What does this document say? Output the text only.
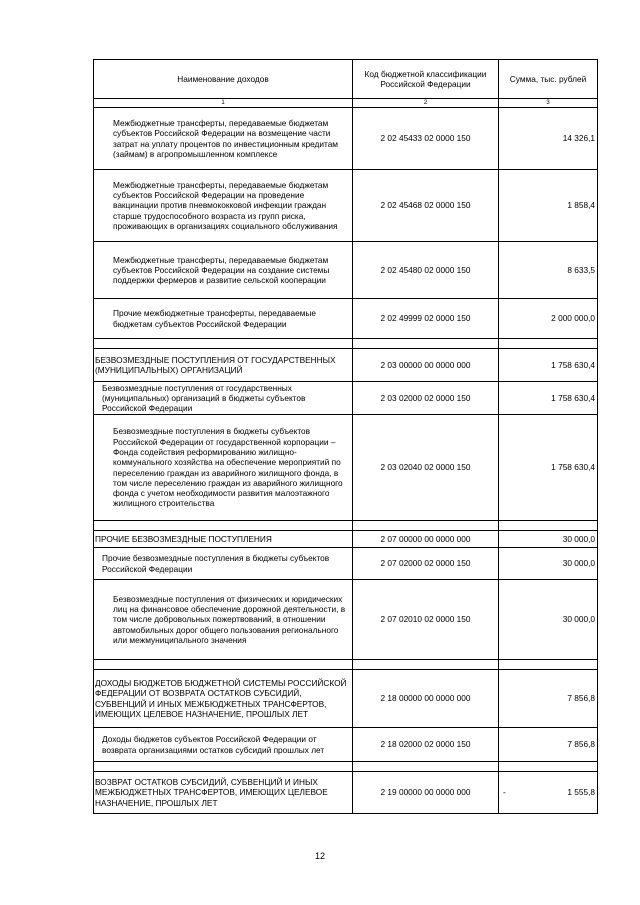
Наименование доходов	Код бюджетной классификации Российской Федерации	Сумма, тыс. рублей
1	2	3
Межбюджетные трансферты, передаваемые бюджетам субъектов Российской Федерации на возмещение части затрат на уплату процентов по инвестиционным кредитам (займам) в агропромышленном комплексе	2 02 45433 02 0000 150	14 326,1
Межбюджетные трансферты, передаваемые бюджетам субъектов Российской Федерации на проведение вакцинации против пневмококковой инфекции граждан старше трудоспособного возраста из групп риска, проживающих в организациях социального обслуживания	2 02 45468 02 0000 150	1 858,4
Межбюджетные трансферты, передаваемые бюджетам субъектов Российской Федерации на создание системы поддержки фермеров и развитие сельской кооперации	2 02 45480 02 0000 150	8 633,5
Прочие межбюджетные трансферты, передаваемые бюджетам субъектов Российской Федерации	2 02 49999 02 0000 150	2 000 000,0

БЕЗВОЗМЕЗДНЫЕ ПОСТУПЛЕНИЯ ОТ ГОСУДАРСТВЕННЫХ (МУНИЦИПАЛЬНЫХ) ОРГАНИЗАЦИЙ	2 03 00000 00 0000 000	1 758 630,4
Безвозмездные поступления от государственных (муниципальных) организаций в бюджеты субъектов Российской Федерации	2 03 02000 02 0000 150	1 758 630,4
Безвозмездные поступления в бюджеты субъектов Российской Федерации от государственной корпорации – Фонда содействия реформированию жилищно-коммунального хозяйства на обеспечение мероприятий по переселению граждан из аварийного жилищного фонда, в том числе переселению граждан из аварийного жилищного фонда с учетом необходимости развития малоэтажного жилищного строительства	2 03 02040 02 0000 150	1 758 630,4

ПРОЧИЕ БЕЗВОЗМЕЗДНЫЕ ПОСТУПЛЕНИЯ	2 07 00000 00 0000 000	30 000,0
Прочие безвозмездные поступления в бюджеты субъектов Российской Федерации	2 07 02000 02 0000 150	30 000,0
Безвозмездные поступления от физических и юридических лиц на финансовое обеспечение дорожной деятельности, в том числе добровольных пожертвований, в отношении автомобильных дорог общего пользования регионального или межмуниципального значения	2 07 02010 02 0000 150	30 000,0

ДОХОДЫ БЮДЖЕТОВ БЮДЖЕТНОЙ СИСТЕМЫ РОССИЙСКОЙ ФЕДЕРАЦИИ ОТ ВОЗВРАТА ОСТАТКОВ СУБСИДИЙ, СУБВЕНЦИЙ И ИНЫХ МЕЖБЮДЖЕТНЫХ ТРАНСФЕРТОВ, ИМЕЮЩИХ ЦЕЛЕВОЕ НАЗНАЧЕНИЕ, ПРОШЛЫХ ЛЕТ	2 18 00000 00 0000 000	7 856,8
Доходы бюджетов субъектов Российской Федерации от возврата организациями остатков субсидий прошлых лет	2 18 02000 02 0000 150	7 856,8

ВОЗВРАТ ОСТАТКОВ СУБСИДИЙ, СУБВЕНЦИЙ И ИНЫХ МЕЖБЮДЖЕТНЫХ ТРАНСФЕРТОВ, ИМЕЮЩИХ ЦЕЛЕВОЕ НАЗНАЧЕНИЕ, ПРОШЛЫХ ЛЕТ	2 19 00000 00 0000 000	- 1 555,8
12
